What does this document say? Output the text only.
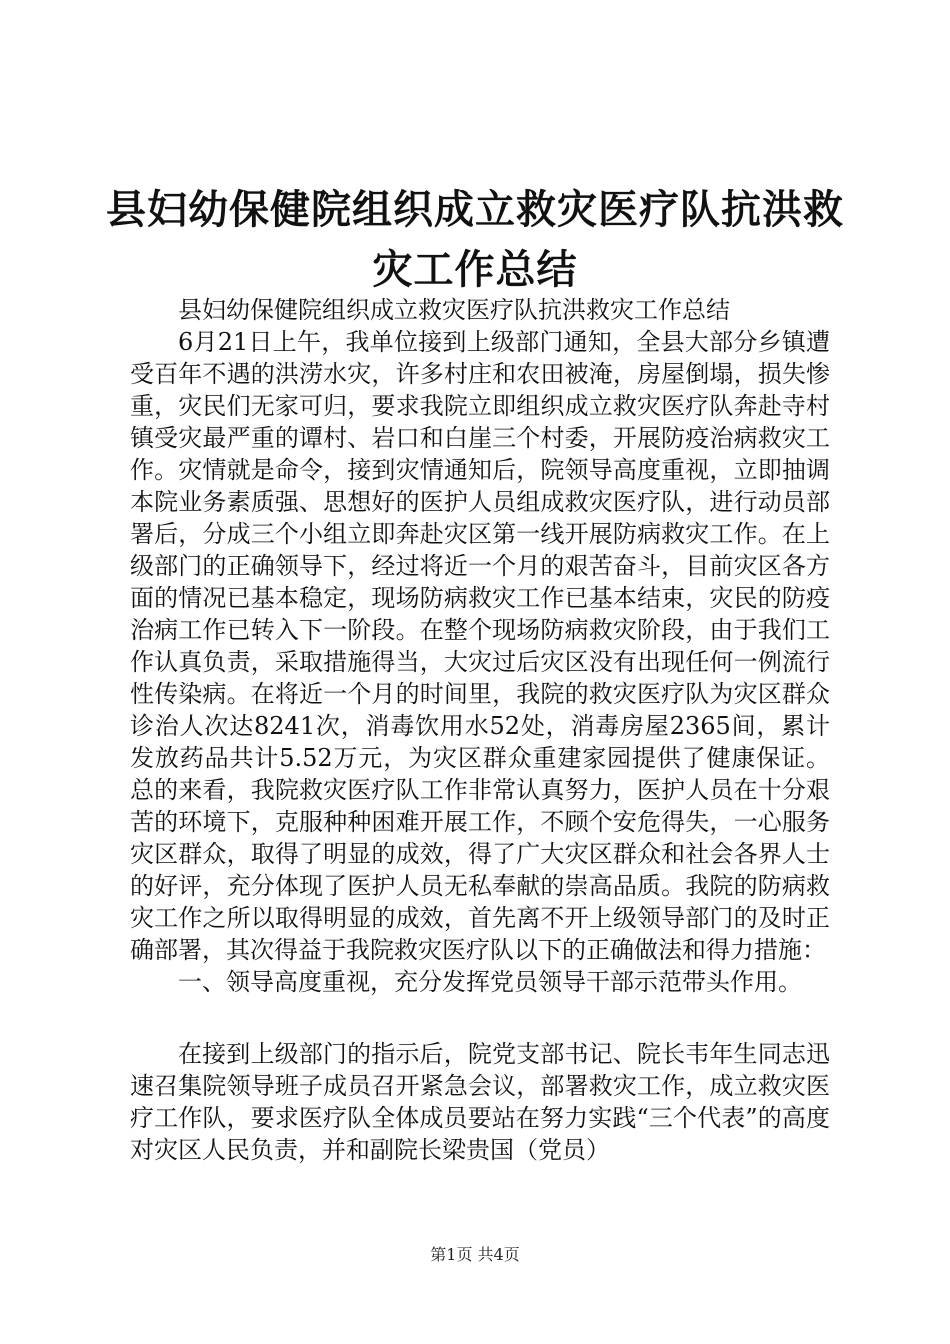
县妇幼保健院组织成立救灾医疗队抗洪救灾工作总结

县妇幼保健院组织成立救灾医疗队抗洪救灾工作总结

6月21日上午，我单位接到上级部门通知，全县大部分乡镇遭受百年不遇的洪涝水灾，许多村庄和农田被淹，房屋倒塌，损失惨重，灾民们无家可归，要求我院立即组织成立救灾医疗队奔赴寺村镇受灾最严重的谭村、岩口和白崖三个村委，开展防疫治病救灾工作。灾情就是命令，接到灾情通知后，院领导高度重视，立即抽调本院业务素质强、思想好的医护人员组成救灾医疗队，进行动员部署后，分成三个小组立即奔赴灾区第一线开展防病救灾工作。在上级部门的正确领导下，经过将近一个月的艰苦奋斗，目前灾区各方面的情况已基本稳定，现场防病救灾工作已基本结束，灾民的防疫治病工作已转入下一阶段。在整个现场防病救灾阶段，由于我们工作认真负责，采取措施得当，大灾过后灾区没有出现任何一例流行性传染病。在将近一个月的时间里，我院的救灾医疗队为灾区群众诊治人次达8241次，消毒饮用水52处，消毒房屋2365间，累计发放药品共计5.52万元，为灾区群众重建家园提供了健康保证。总的来看，我院救灾医疗队工作非常认真努力，医护人员在十分艰苦的环境下，克服种种困难开展工作，不顾个安危得失，一心服务灾区群众，取得了明显的成效，得了广大灾区群众和社会各界人士的好评，充分体现了医护人员无私奉献的崇高品质。我院的防病救灾工作之所以取得明显的成效，首先离不开上级领导部门的及时正确部署，其次得益于我院救灾医疗队以下的正确做法和得力措施：

一、领导高度重视，充分发挥党员领导干部示范带头作用。

在接到上级部门的指示后，院党支部书记、院长韦年生同志迅速召集院领导班子成员召开紧急会议，部署救灾工作，成立救灾医疗工作队，要求医疗队全体成员要站在努力实践“三个代表”的高度对灾区人民负责，并和副院长梁贵国（党员）

第1页 共4页
